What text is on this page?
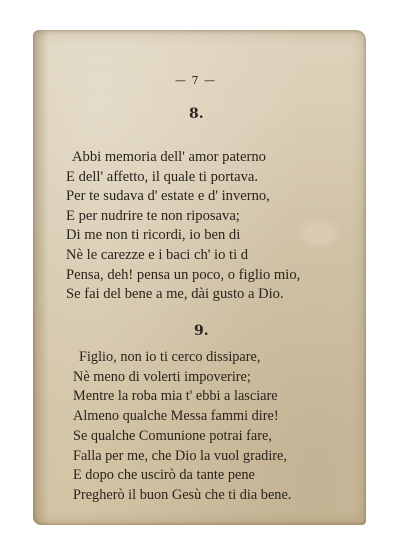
— 7 —
8.
Abbi memoria dell' amor paterno
E dell' affetto, il quale ti portava.
Per te sudava d' estate e d' inverno,
E per nudrire te non riposava;
Di me non ti ricordi, io ben di
Nè le carezze e i baci ch' io ti d
Pensa, deh! pensa un poco, o figlio mio,
Se fai del bene a me, dài gusto a Dio.
9.
Figlio, non io ti cerco dissipare,
Nè meno di volerti impoverire;
Mentre la roba mia t' ebbi a lasciare
Almeno qualche Messa fammi dire!
Se qualche Comunione potrai fare,
Falla per me, che Dio la vuol gradire,
E dopo che uscirò da tante pene
Pregherò il buon Gesù che ti dia bene.
